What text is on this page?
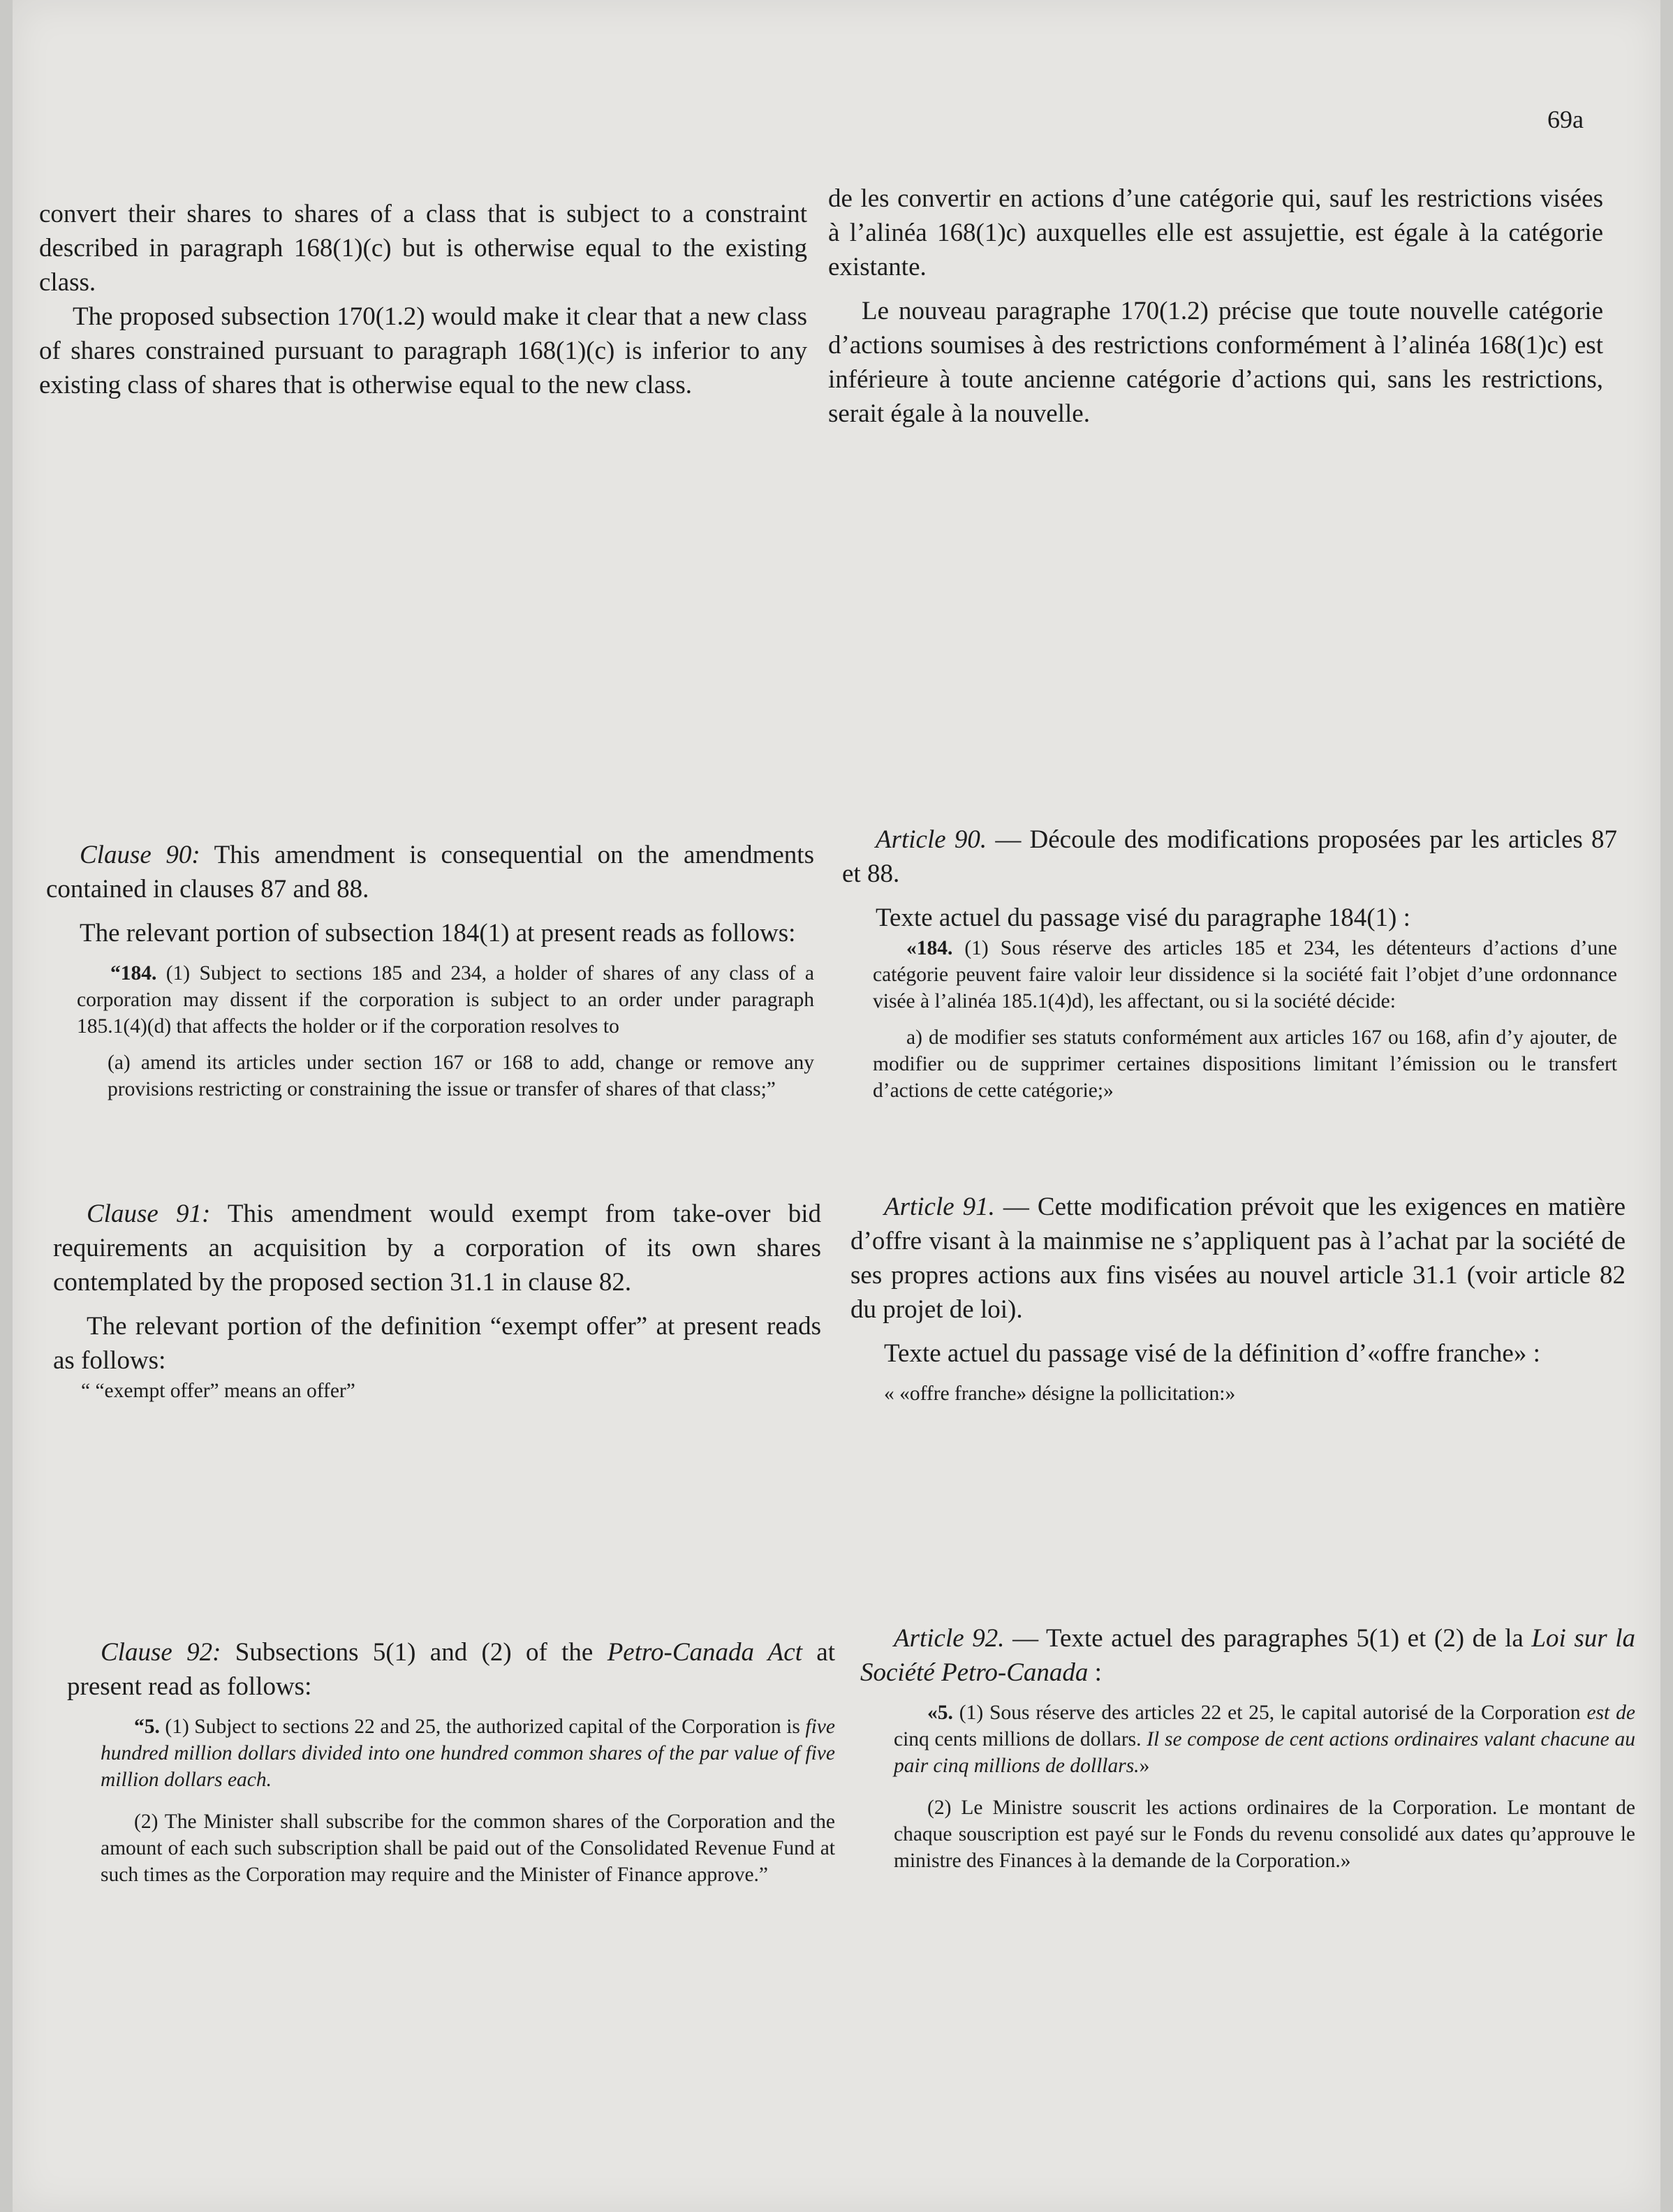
69a

convert their shares to shares of a class that is subject to a constraint described in paragraph 168(1)(c) but is otherwise equal to the existing class.

The proposed subsection 170(1.2) would make it clear that a new class of shares constrained pursuant to paragraph 168(1)(c) is inferior to any existing class of shares that is otherwise equal to the new class.

de les convertir en actions d’une catégorie qui, sauf les restrictions visées à l’alinéa 168(1)c) auxquelles elle est assujettie, est égale à la catégorie existante.

Le nouveau paragraphe 170(1.2) précise que toute nouvelle catégorie d’actions soumises à des restrictions conformément à l’alinéa 168(1)c) est inférieure à toute ancienne catégorie d’actions qui, sans les restrictions, serait égale à la nouvelle.

Clause 90: This amendment is consequential on the amendments contained in clauses 87 and 88.

The relevant portion of subsection 184(1) at present reads as follows:

“184. (1) Subject to sections 185 and 234, a holder of shares of any class of a corporation may dissent if the corporation is subject to an order under paragraph 185.1(4)(d) that affects the holder or if the corporation resolves to

(a) amend its articles under section 167 or 168 to add, change or remove any provisions restricting or constraining the issue or transfer of shares of that class;”

Article 90. — Découle des modifications proposées par les articles 87 et 88.

Texte actuel du passage visé du paragraphe 184(1) :

«184. (1) Sous réserve des articles 185 et 234, les détenteurs d’actions d’une catégorie peuvent faire valoir leur dissidence si la société fait l’objet d’une ordonnance visée à l’alinéa 185.1(4)d), les affectant, ou si la société décide:

a) de modifier ses statuts conformément aux articles 167 ou 168, afin d’y ajouter, de modifier ou de supprimer certaines dispositions limitant l’émission ou le transfert d’actions de cette catégorie;»

Clause 91: This amendment would exempt from take-over bid requirements an acquisition by a corporation of its own shares contemplated by the proposed section 31.1 in clause 82.

The relevant portion of the definition “exempt offer” at present reads as follows:

“ “exempt offer” means an offer”

Article 91. — Cette modification prévoit que les exigences en matière d’offre visant à la mainmise ne s’appliquent pas à l’achat par la société de ses propres actions aux fins visées au nouvel article 31.1 (voir article 82 du projet de loi).

Texte actuel du passage visé de la définition d’«offre franche» :

« «offre franche» désigne la pollicitation:»

Clause 92: Subsections 5(1) and (2) of the Petro-Canada Act at present read as follows:

“5. (1) Subject to sections 22 and 25, the authorized capital of the Corporation is five hundred million dollars divided into one hundred common shares of the par value of five million dollars each.

(2) The Minister shall subscribe for the common shares of the Corporation and the amount of each such subscription shall be paid out of the Consolidated Revenue Fund at such times as the Corporation may require and the Minister of Finance approve.”

Article 92. — Texte actuel des paragraphes 5(1) et (2) de la Loi sur la Société Petro-Canada :

«5. (1) Sous réserve des articles 22 et 25, le capital autorisé de la Corporation est de cinq cents millions de dollars. Il se compose de cent actions ordinaires valant chacune au pair cinq millions de dolllars.»

(2) Le Ministre souscrit les actions ordinaires de la Corporation. Le montant de chaque souscription est payé sur le Fonds du revenu consolidé aux dates qu’approuve le ministre des Finances à la demande de la Corporation.»
